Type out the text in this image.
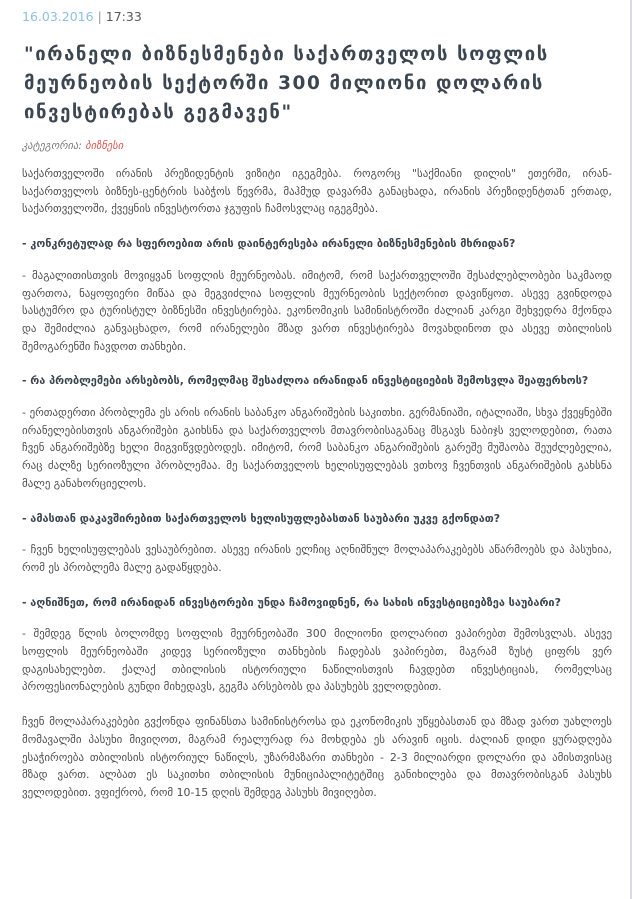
16.03.2016 | 17:33
"ირანელი ბიზნესმენები საქართველოს სოფლის მეურნეობის სექტორში 300 მილიონი დოლარის ინვესტირებას გეგმავენ"
კატეგორია: ბიზნესი

საქართველოში ირანის პრეზიდენტის ვიზიტი იგეგმება. როგორც "საქმიანი დილის" ეთერში, ირან-საქართველოს ბიზნეს-ცენტრის საბჭოს წევრმა, მაჰმუდ დავარმა განაცხადა, ირანის პრეზიდენტთან ერთად, საქართველოში, ქვეყნის ინვესტორთა ჯგუფის ჩამოსვლაც იგეგმება.

- კონკრეტულად რა სფეროებით არის დაინტერესება ირანელი ბიზნესმენების მხრიდან?

- მაგალითისთვის მოვიყვან სოფლის მეურნეობას. იმიტომ, რომ საქართველოში შესაძლებლობები საკმაოდ ფართოა, ნაყოფიერი მიწაა და მეგვიძლია სოფლის მეურნეობის სექტორით დავიწყოთ. ასევე გვინდოდა სასტუმრო და ტურისტულ ბიზნესში ინვესტირება. ეკონომიკის სამინისტროში ძალიან კარგი შეხვედრა მქონდა და შემიძლია განვაცხადო, რომ ირანელები მზად ვართ ინვესტირება მოვახდინოთ და ასევე თბილისის შემოგარენში ჩავდოთ თანხები.

- რა პრობლემები არსებობს, რომელმაც შესაძლოა ირანიდან ინვესტიციების შემოსვლა შეაფერხოს?

- ერთადერთი პრობლემა ეს არის ირანის საბანკო ანგარიშების საკითხი. გერმანიაში, იტალიაში, სხვა ქვეყნებში ირანელებისთვის ანგარიშები გაიხსნა და საქართველოს მთავრობისაგანაც მსგავს ნაბიჯს ველოდებით, რათა ჩვენ ანგარიშებზე ხელი მიგვიწვდებოდეს. იმიტომ, რომ საბანკო ანგარიშების გარეშე მუშაობა შეუძლებელია, რაც ძალზე სერიოზული პრობლემაა. მე საქართველოს ხელისუფლებას ვთხოვ ჩვენთვის ანგარიშების გახსნა მალე განახორციელოს.

- ამასთან დაკავშირებით საქართველოს ხელისუფლებასთან საუბარი უკვე გქონდათ?

- ჩვენ ხელისუფლებას ვესაუბრებით. ასევე ირანის ელჩიც აღნიშნულ მოლაპარაკებებს აწარმოებს და პასუხია, რომ ეს პრობლემა მალე გადაწყდება.

- აღნიშნეთ, რომ ირანიდან ინვესტორები უნდა ჩამოვიდნენ, რა სახის ინვესტიციებზეა საუბარი?

- შემდეგ წლის ბოლომდე სოფლის მეურნეობაში 300 მილიონი დოლარით ვაპირებთ შემოსვლას. ასევე სოფლის მეურნეობაში კიდევ სერიოზული თანხების ჩადებას ვაპირებთ, მაგრამ ზუსტ ციფრს ვერ დაგისახელებთ. ქალაქ თბილისის ისტორიული ნაწილისთვის ჩავდებთ ინვესტიციას, რომელსაც პროფესიონალების გუნდი მიხედავს, გეგმა არსებობს და პასუხებს ველოდებით.

ჩვენ მოლაპარაკებები გვქონდა ფინანსთა სამინისტროსა და ეკონომიკის უწყებასთან და მზად ვართ უახლოეს მომავალში პასუხი მივიღოთ, მაგრამ რეალურად რა მოხდება ეს არავინ იცის. ძალიან დიდი ყურადღება ესაჭიროება თბილისის ისტორიულ ნაწილს, უზარმაზარი თანხები - 2-3 მილიარდი დოლარი და ამისთვისაც მზად ვართ. ალბათ ეს საკითხი თბილისის მუნიციპალიტეტშიც განიხილება და მთავრობისგან პასუხს ველოდებით. ვფიქრობ, რომ 10-15 დღის შემდეგ პასუხს მივიღებთ.
